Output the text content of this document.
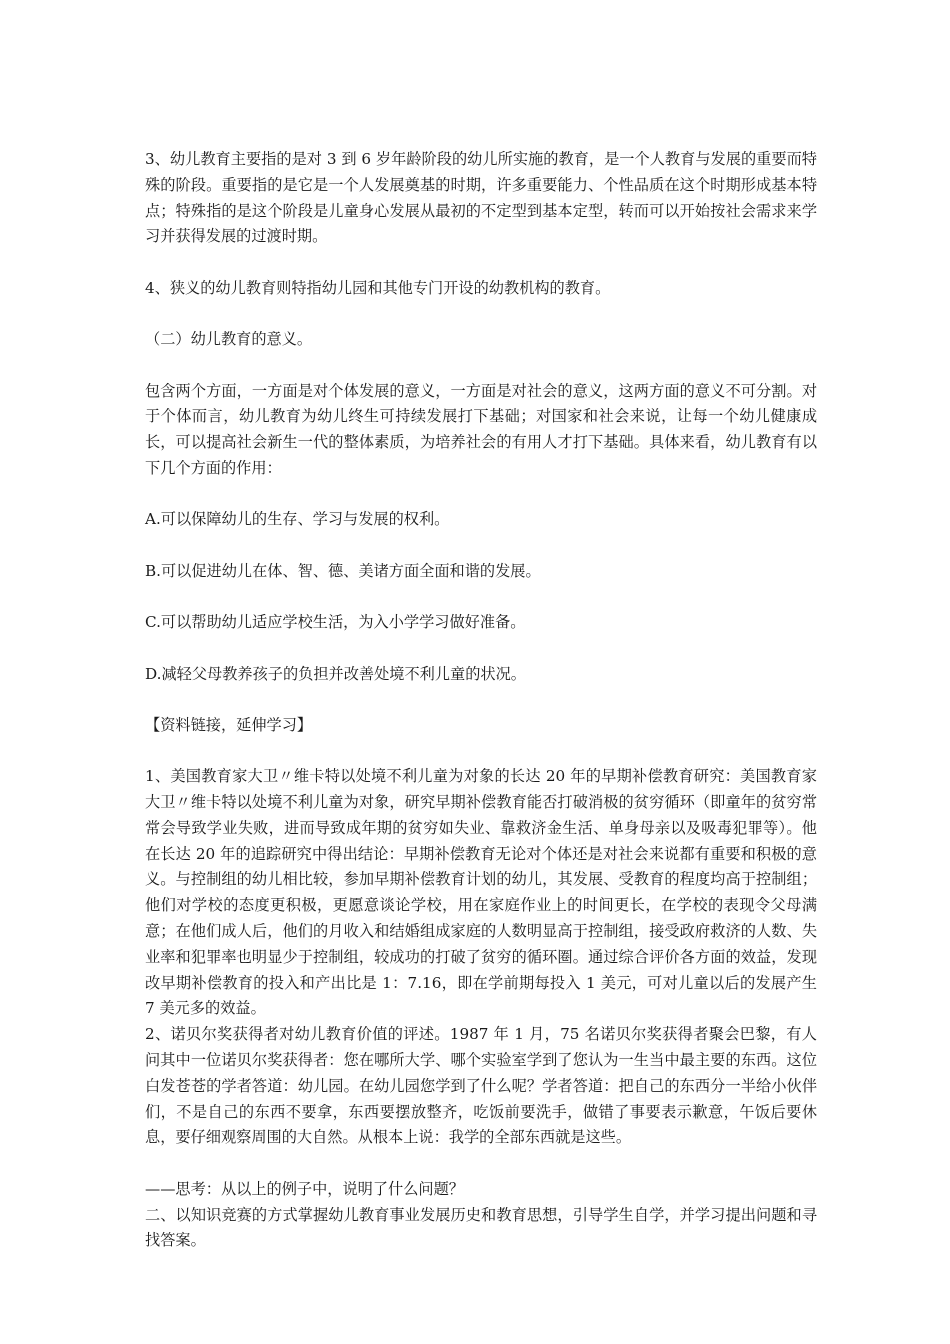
3、幼儿教育主要指的是对 3 到 6 岁年龄阶段的幼儿所实施的教育，是一个人教育与发展的重要而特殊的阶段。重要指的是它是一个人发展奠基的时期，许多重要能力、个性品质在这个时期形成基本特点；特殊指的是这个阶段是儿童身心发展从最初的不定型到基本定型，转而可以开始按社会需求来学习并获得发展的过渡时期。

4、狭义的幼儿教育则特指幼儿园和其他专门开设的幼教机构的教育。

（二）幼儿教育的意义。

包含两个方面，一方面是对个体发展的意义，一方面是对社会的意义，这两方面的意义不可分割。对于个体而言，幼儿教育为幼儿终生可持续发展打下基础；对国家和社会来说，让每一个幼儿健康成长，可以提高社会新生一代的整体素质，为培养社会的有用人才打下基础。具体来看，幼儿教育有以下几个方面的作用：

A.可以保障幼儿的生存、学习与发展的权利。

B.可以促进幼儿在体、智、德、美诸方面全面和谐的发展。

C.可以帮助幼儿适应学校生活，为入小学学习做好准备。

D.减轻父母教养孩子的负担并改善处境不利儿童的状况。

【资料链接，延伸学习】

1、美国教育家大卫〃维卡特以处境不利儿童为对象的长达 20 年的早期补偿教育研究：美国教育家大卫〃维卡特以处境不利儿童为对象，研究早期补偿教育能否打破消极的贫穷循环（即童年的贫穷常常会导致学业失败，进而导致成年期的贫穷如失业、靠救济金生活、单身母亲以及吸毒犯罪等）。他在长达 20 年的追踪研究中得出结论：早期补偿教育无论对个体还是对社会来说都有重要和积极的意义。与控制组的幼儿相比较，参加早期补偿教育计划的幼儿，其发展、受教育的程度均高于控制组；他们对学校的态度更积极，更愿意谈论学校，用在家庭作业上的时间更长，在学校的表现令父母满意；在他们成人后，他们的月收入和结婚组成家庭的人数明显高于控制组，接受政府救济的人数、失业率和犯罪率也明显少于控制组，较成功的打破了贫穷的循环圈。通过综合评价各方面的效益，发现改早期补偿教育的投入和产出比是 1：7.16，即在学前期每投入 1 美元，可对儿童以后的发展产生 7 美元多的效益。

2、诺贝尔奖获得者对幼儿教育价值的评述。1987 年 1 月，75 名诺贝尔奖获得者聚会巴黎，有人问其中一位诺贝尔奖获得者：您在哪所大学、哪个实验室学到了您认为一生当中最主要的东西。这位白发苍苍的学者答道：幼儿园。在幼儿园您学到了什么呢？学者答道：把自己的东西分一半给小伙伴们，不是自己的东西不要拿，东西要摆放整齐，吃饭前要洗手，做错了事要表示歉意，午饭后要休息，要仔细观察周围的大自然。从根本上说：我学的全部东西就是这些。

——思考：从以上的例子中，说明了什么问题？

二、以知识竞赛的方式掌握幼儿教育事业发展历史和教育思想，引导学生自学，并学习提出问题和寻找答案。
